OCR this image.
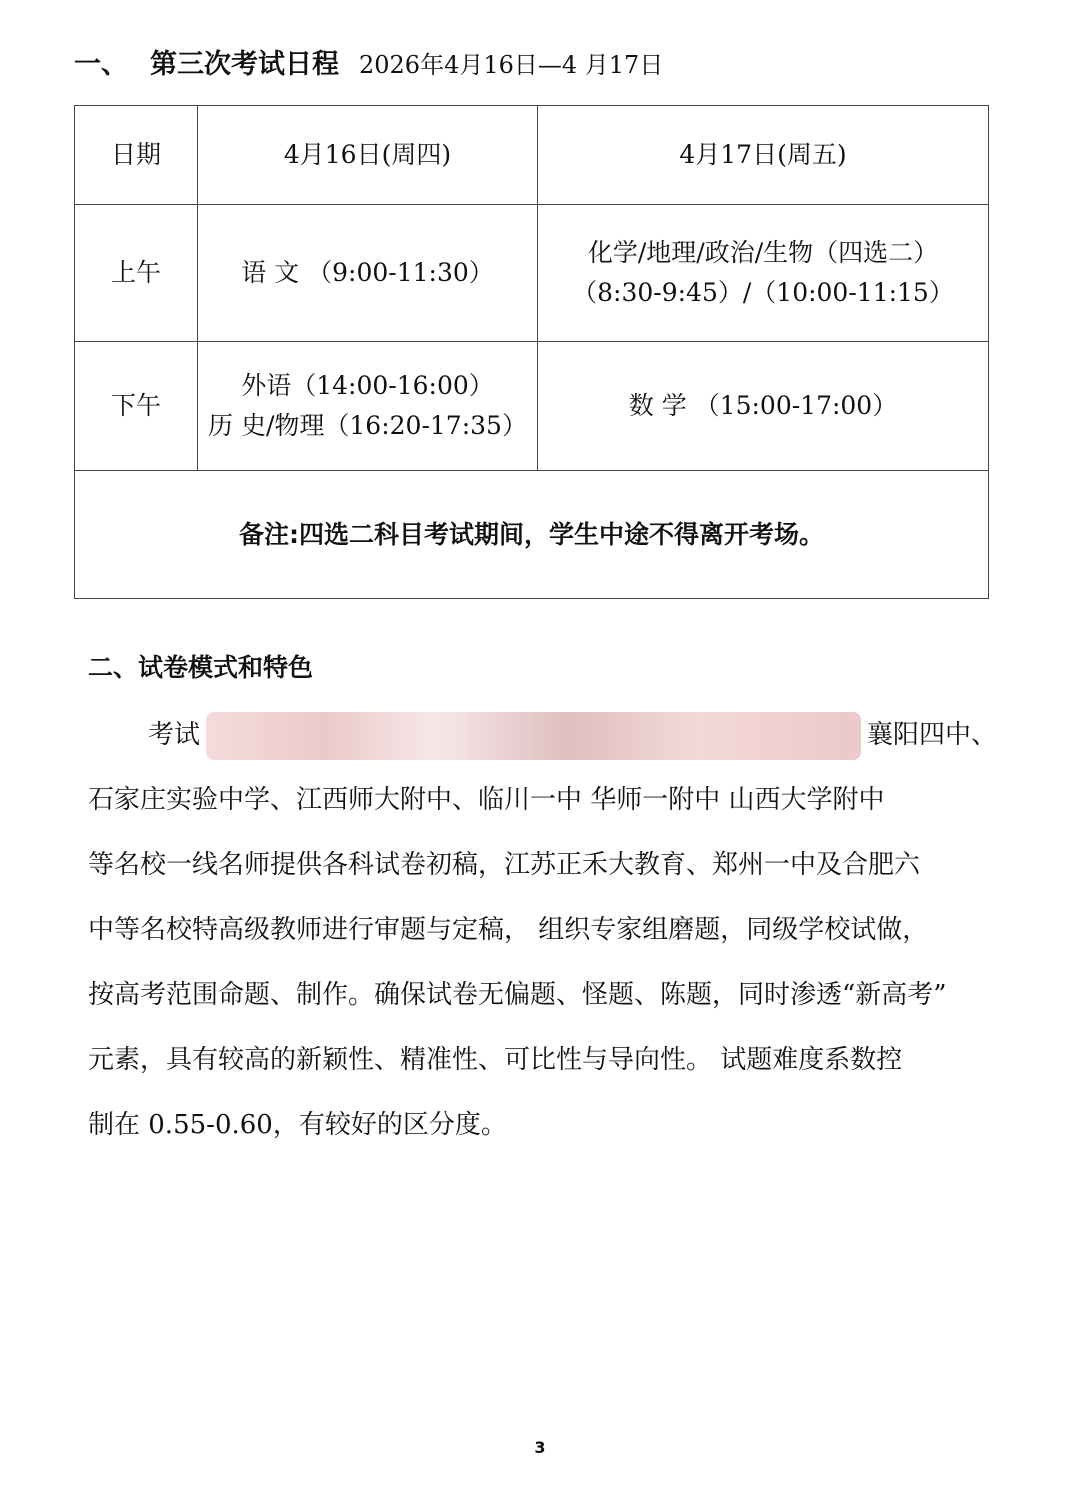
一、 第三次考试日程 2026年4月16日—4 月17日
日期	4月16日(周四)	4月17日(周五)
上午	语 文 （9:00-11:30）	化学/地理/政治/生物（四选二）
（8:30-9:45）/（10:00-11:15）

下午	外语（14:00-16:00）
历 史/物理（16:20-17:35）	数 学 （15:00-17:00）
备注:四选二科目考试期间，学生中途不得离开考场。		
二、试卷模式和特色

考试	襄阳四中、

石家庄实验中学、江西师大附中、临川一中 华师一附中 山西大学附中

等名校一线名师提供各科试卷初稿，江苏正禾大教育、郑州一中及合肥六

中等名校特高级教师进行审题与定稿， 组织专家组磨题，同级学校试做，

按高考范围命题、制作。确保试卷无偏题、怪题、陈题，同时渗透“新高考”

元素，具有较高的新颖性、精准性、可比性与导向性。 试题难度系数控

制在 0.55-0.60，有较好的区分度。

3
